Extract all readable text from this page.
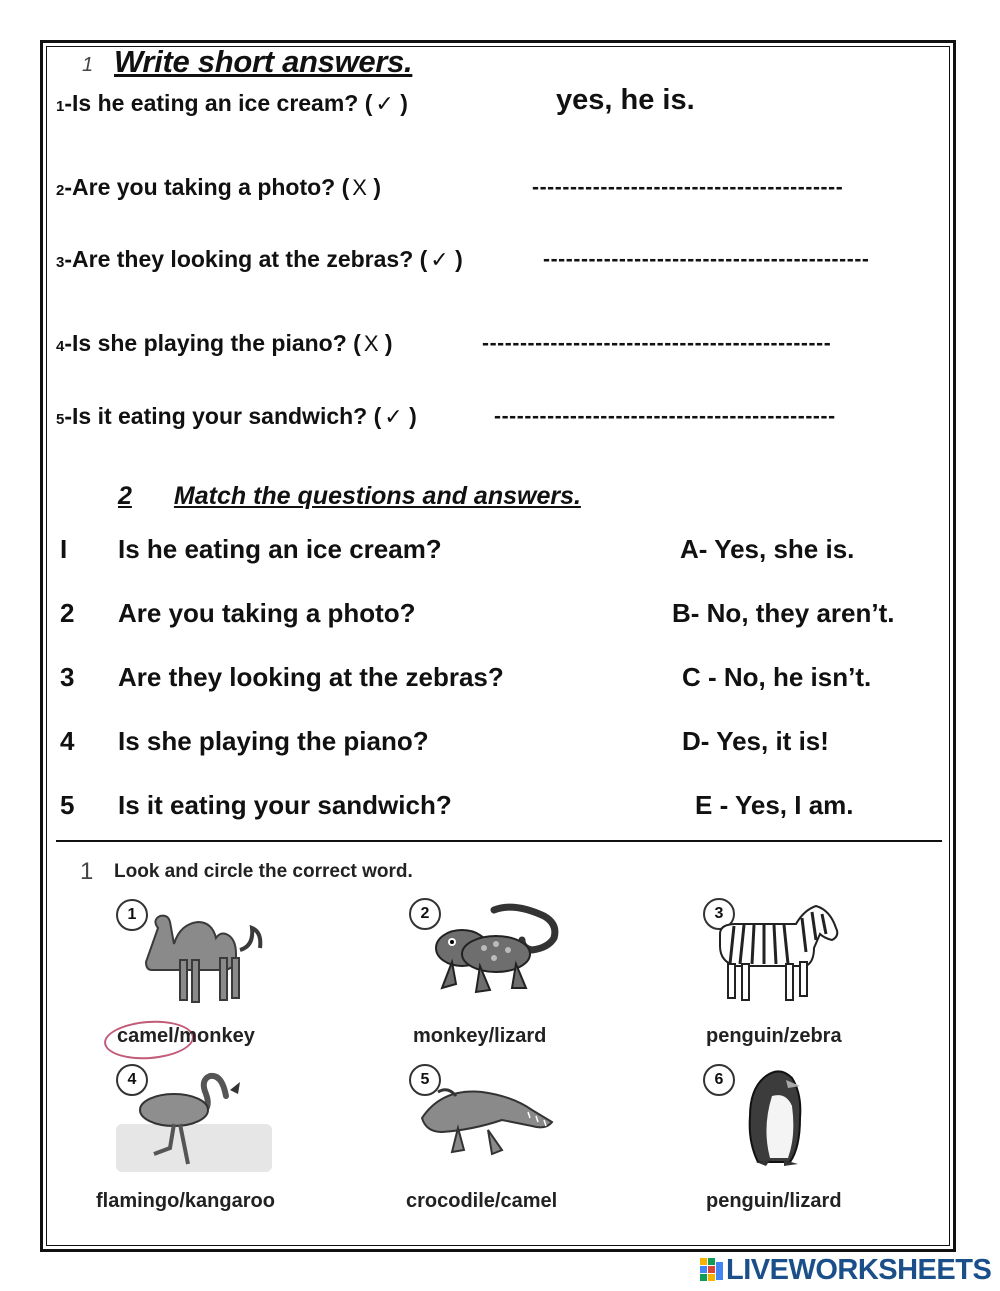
1 Write short answers.
1-Is he eating an ice cream? ( ✓ )	yes, he is.
2-Are you taking a photo? ( X )	-----------------------------------------
3-Are they looking at the zebras? ( ✓ )	-------------------------------------------
4-Is she playing the piano? ( X )	----------------------------------------------
5-Is it eating your sandwich? ( ✓ )	---------------------------------------------
2 Match the questions and answers.
I Is he eating an ice cream?	A- Yes, she is.
2 Are you taking a photo?	B- No, they aren’t.
3 Are they looking at the zebras?	C - No, he isn’t.
4 Is she playing the piano?	D- Yes, it is!
5 Is it eating your sandwich?	E - Yes, I am.
1 Look and circle the correct word.
1	2	3
camel/monkey	monkey/lizard	penguin/zebra
4	5	6
flamingo/kangaroo	crocodile/camel	penguin/lizard
LIVEWORKSHEETS
